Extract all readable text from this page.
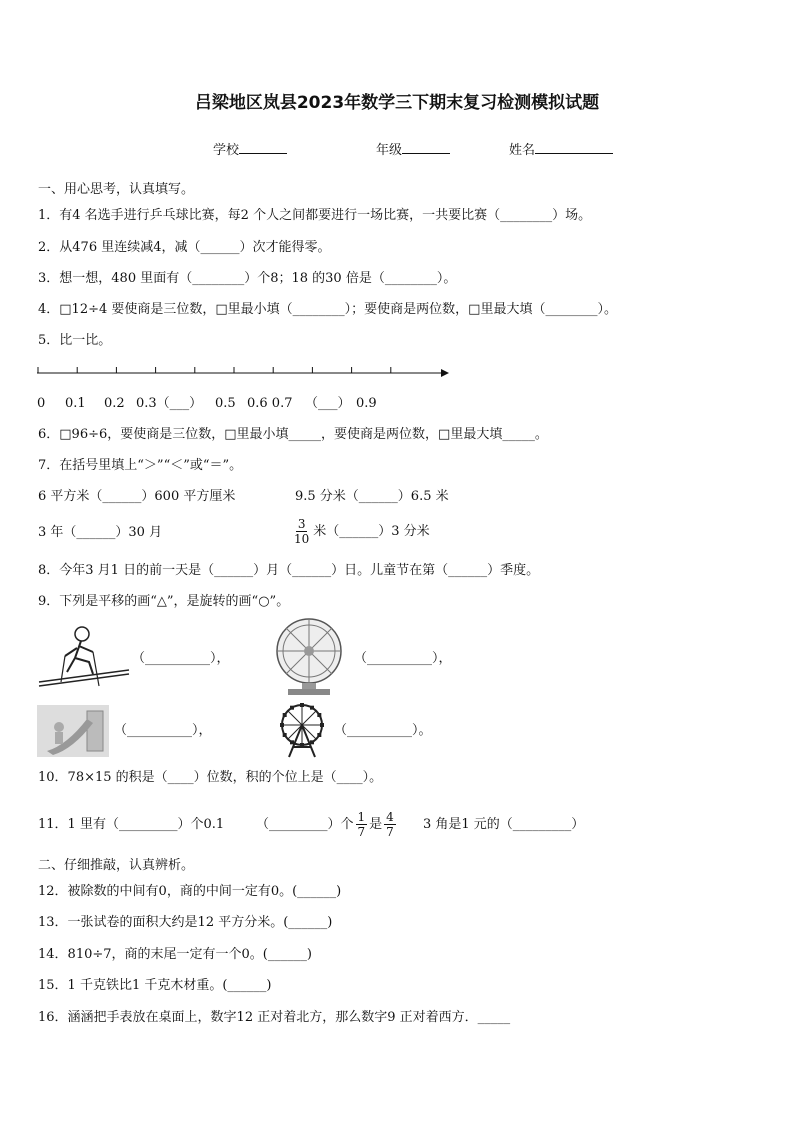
吕梁地区岚县2023年数学三下期末复习检测模拟试题
学校	年级	姓名
一、用心思考，认真填写。
1．有4 名选手进行乒乓球比赛，每2 个人之间都要进行一场比赛，一共要比赛（________）场。
2．从476 里连续减4，减（______）次才能得零。
3．想一想，480 里面有（________）个8；18 的30 倍是（________）。
4．□12÷4 要使商是三位数，□里最小填（________）；要使商是两位数，□里最大填（________）。
5．比一比。
0 0.1 0.2 0.3（___） 0.5 0.6 0.7 （___） 0.9
6．□96÷6，要使商是三位数，□里最小填_____，要使商是两位数，□里最大填_____。
7．在括号里填上“＞”“＜”或“＝”。
6 平方米（______）600 平方厘米	9.5 分米（______）6.5 米
3 年（______）30 月	$\frac{3}{10}$ 米（______）3 分米
8．今年3 月1 日的前一天是（______）月（______）日。儿童节在第（______）季度。
9．下列是平移的画“△”，是旋转的画“○”。
（__________），	（__________），
（__________），	（__________）。
10．78×15 的积是（____）位数，积的个位上是（____）。
11．1 里有（_________）个0.1 （_________）个 $\frac{1}{7}$ 是 $\frac{4}{7} 3$ 角是1 元的（_________）
二、仔细推敲，认真辨析。
12．被除数的中间有0，商的中间一定有0。(______)
13．一张试卷的面积大约是12 平方分米。(______)
14．810÷7，商的末尾一定有一个0。(______)
15．1 千克铁比1 千克木材重。(______)
16．涵涵把手表放在桌面上，数字12 正对着北方，那么数字9 正对着西方．_____
